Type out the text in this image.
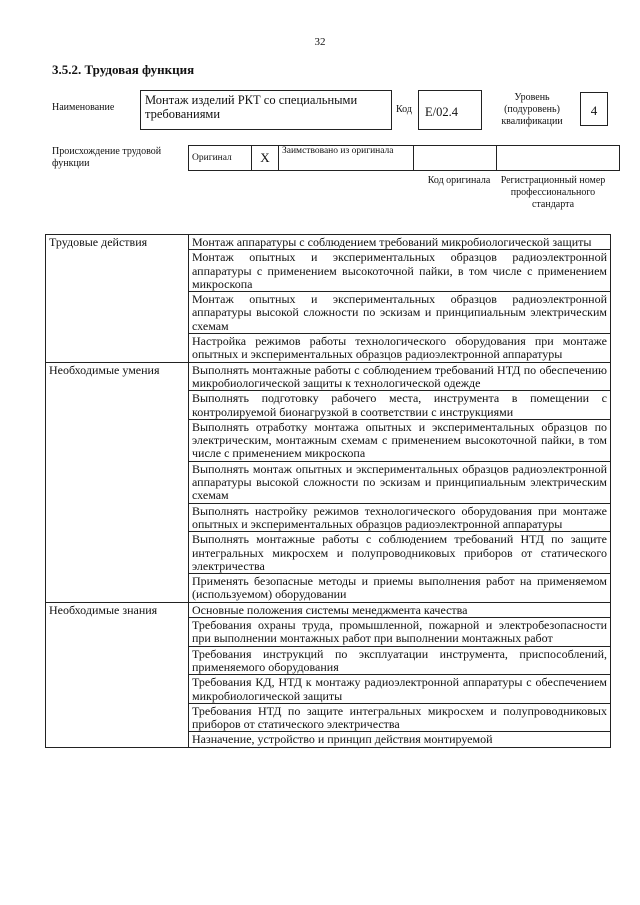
32
3.5.2. Трудовая функция
Наименование
Монтаж изделий РКТ со специальными требованиями	Код	E/02.4
Уровень (подуровень) квалификации
4
Происхождение трудовой функции	Оригинал	X	Заимствовано из оригинала		
Код оригинала Регистрационный номер профессионального стандарта
Трудовые действия	Монтаж аппаратуры с соблюдением требований микробиологической защиты
	Монтаж опытных и экспериментальных образцов радиоэлектронной аппаратуры с применением высокоточной пайки, в том числе с применением микроскопа
	Монтаж опытных и экспериментальных образцов радиоэлектронной аппаратуры высокой сложности по эскизам и принципиальным электрическим схемам
	Настройка режимов работы технологического оборудования при монтаже опытных и экспериментальных образцов радиоэлектронной аппаратуры
Необходимые умения	Выполнять монтажные работы с соблюдением требований НТД по обеспечению микробиологической защиты к технологической одежде
	Выполнять подготовку рабочего места, инструмента в помещении с контролируемой бионагрузкой в соответствии с инструкциями
	Выполнять отработку монтажа опытных и экспериментальных образцов по электрическим, монтажным схемам с применением высокоточной пайки, в том числе с применением микроскопа
	Выполнять монтаж опытных и экспериментальных образцов радиоэлектронной аппаратуры высокой сложности по эскизам и принципиальным электрическим схемам
	Выполнять настройку режимов технологического оборудования при монтаже опытных и экспериментальных образцов радиоэлектронной аппаратуры
	Выполнять монтажные работы с соблюдением требований НТД по защите интегральных микросхем и полупроводниковых приборов от статического электричества
	Применять безопасные методы и приемы выполнения работ на применяемом (используемом) оборудовании
Необходимые знания	Основные положения системы менеджмента качества
	Требования охраны труда, промышленной, пожарной и электробезопасности при выполнении монтажных работ при выполнении монтажных работ
	Требования инструкций по эксплуатации инструмента, приспособлений, применяемого оборудования
	Требования КД, НТД к монтажу радиоэлектронной аппаратуры с обеспечением микробиологической защиты
	Требования НТД по защите интегральных микросхем и полупроводниковых приборов от статического электричества
	Назначение, устройство и принцип действия монтируемой
